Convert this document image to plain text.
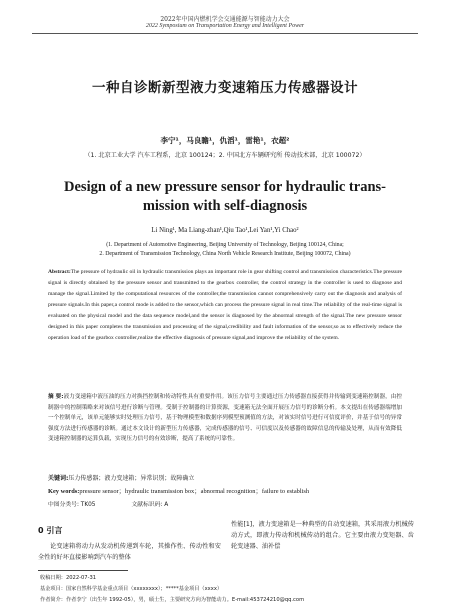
2022年中国内燃机学会交通能源与智能动力大会
2022 Symposium on Transportation Energy and Intelligent Power
一种自诊断新型液力变速箱压力传感器设计
李宁¹，马良瞻¹，仇滔¹，雷艳¹，衣超²
（1. 北京工业大学 汽车工程系，北京 100124；2. 中国北方车辆研究所 传动技术部，北京 100072）
Design of a new pressure sensor for hydraulic trans-
mission with self-diagnosis
Li Ning¹, Ma Liang-zhan¹,Qiu Tao¹,Lei Yan¹,Yi Chao²
(1. Department of Automotive Engineering, Beijing University of Technology, Beijing 100124, China;
2. Department of Transmission Technology, China North Vehicle Research Institute, Beijing 100072, China)
Abstract:The pressure of hydraulic oil in hydraulic transmission plays an important role in gear shifting control and transmission characteristics.The pressure signal is directly obtained by the pressure sensor and transmitted to the gearbox controller, the control strategy in the controller is used to diagnose and manage the signal.Limited by the computational resources of the controller,the transmission cannot comprehensively carry out the diagnosis and analysis of pressure signals.In this paper,a control mode is added to the sensor,which can process the pressure signal in real time.The reliability of the real-time signal is evaluated on the physical model and the data sequence model,and the sensor is diagnosed by the abnormal strength of the signal.The new pressure sensor designed in this paper completes the transmission and processing of the signal,credibility and fault information of the sensor,so as to effectively reduce the operation load of the gearbox controller,realize the effective diagnosis of pressure signal,and improve the reliability of the system.
摘 要:液力变速箱中液压油的压力对换挡控制和传动特性具有重要作用。该压力信号主要通过压力传感器直接获得并传输到变速箱控制器，由控制器中的控制策略来对该信号进行诊断与管理。受制于控制器的计算资源，变速箱无法全面开展压力信号的诊断分析。本文提出在传感器端增加一个控制单元，该单元能够实时处理压力信号，基于物理模型和数据序列模型预测值的方法，对该实时信号进行可信度评价，并基于信号的异常强度方法进行传感器的诊断。通过本文设计的新型压力传感器，完成传感器的信号、可信度以及传感器的故障信息的传输及处理，从而有效降低变速箱控制器的运算负载，实现压力信号的有效诊断，提高了系统的可靠性。
关键词:压力传感器；液力变速箱；异常识别；故障确立
Key words:pressure sensor；hydraulic transmission box；abnormal recognition；failure to establish
中图分类号: TK05	文献标识码: A
0 引言
论变速箱将动力从发动机传递到车轮，其操作性、传动性和安全性的好坏直接影响到汽车的整体
性能[1]，液力变速箱是一种典型的自动变速箱，其采用液力机械传动方式，即液力传动和机械传动的组合。它主要由液力变矩器、齿轮变速器、油补偿
收稿日期：2022-07-31
基金项目：国家自然科学基金重点项目（xxxxxxxx）；*****基金项目（xxxx）
作者简介：作者李宁（出生年 1992-05），男，硕士生，主要研究方向为智能动力。E-mail:453724210@qq.com
